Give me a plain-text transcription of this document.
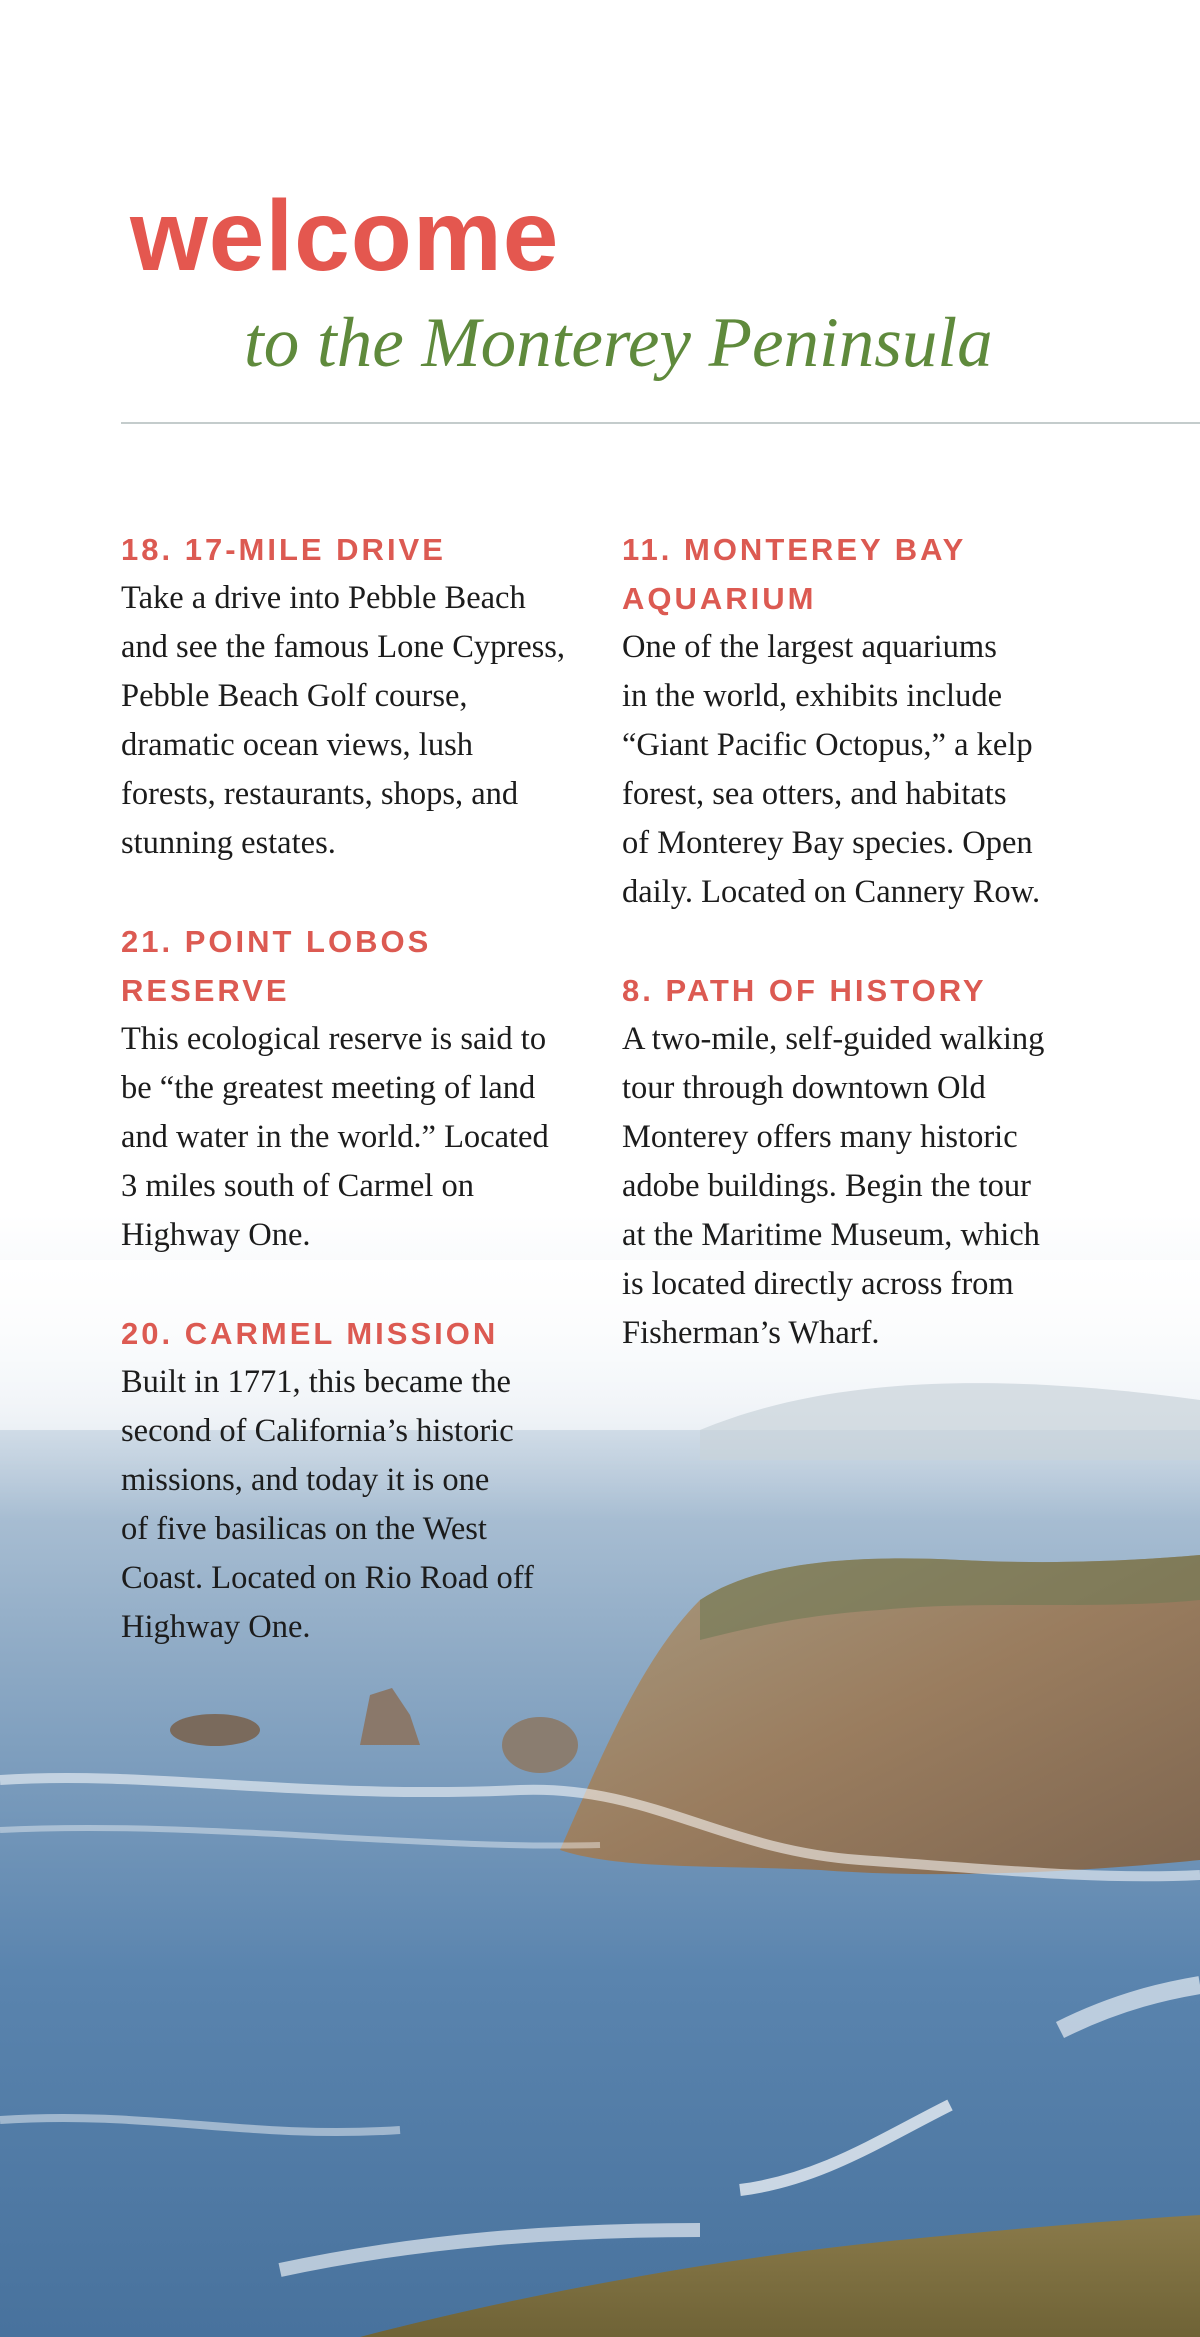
welcome
to the Monterey Peninsula
18. 17-MILE DRIVE

Take a drive into Pebble Beach
and see the famous Lone Cypress,
Pebble Beach Golf course,
dramatic ocean views, lush
forests, restaurants, shops, and
stunning estates.

21. POINT LOBOS
RESERVE

This ecological reserve is said to
be “the greatest meeting of land
and water in the world.” Located
3 miles south of Carmel on
Highway One.

20. CARMEL MISSION

Built in 1771, this became the
second of California’s historic
missions, and today it is one
of five basilicas on the West
Coast. Located on Rio Road off
Highway One.

11. MONTEREY BAY
AQUARIUM

One of the largest aquariums
in the world, exhibits include
“Giant Pacific Octopus,” a kelp
forest, sea otters, and habitats
of Monterey Bay species. Open
daily. Located on Cannery Row.

8. PATH OF HISTORY

A two-mile, self-guided walking
tour through downtown Old
Monterey offers many historic
adobe buildings. Begin the tour
at the Maritime Museum, which
is located directly across from
Fisherman’s Wharf.
